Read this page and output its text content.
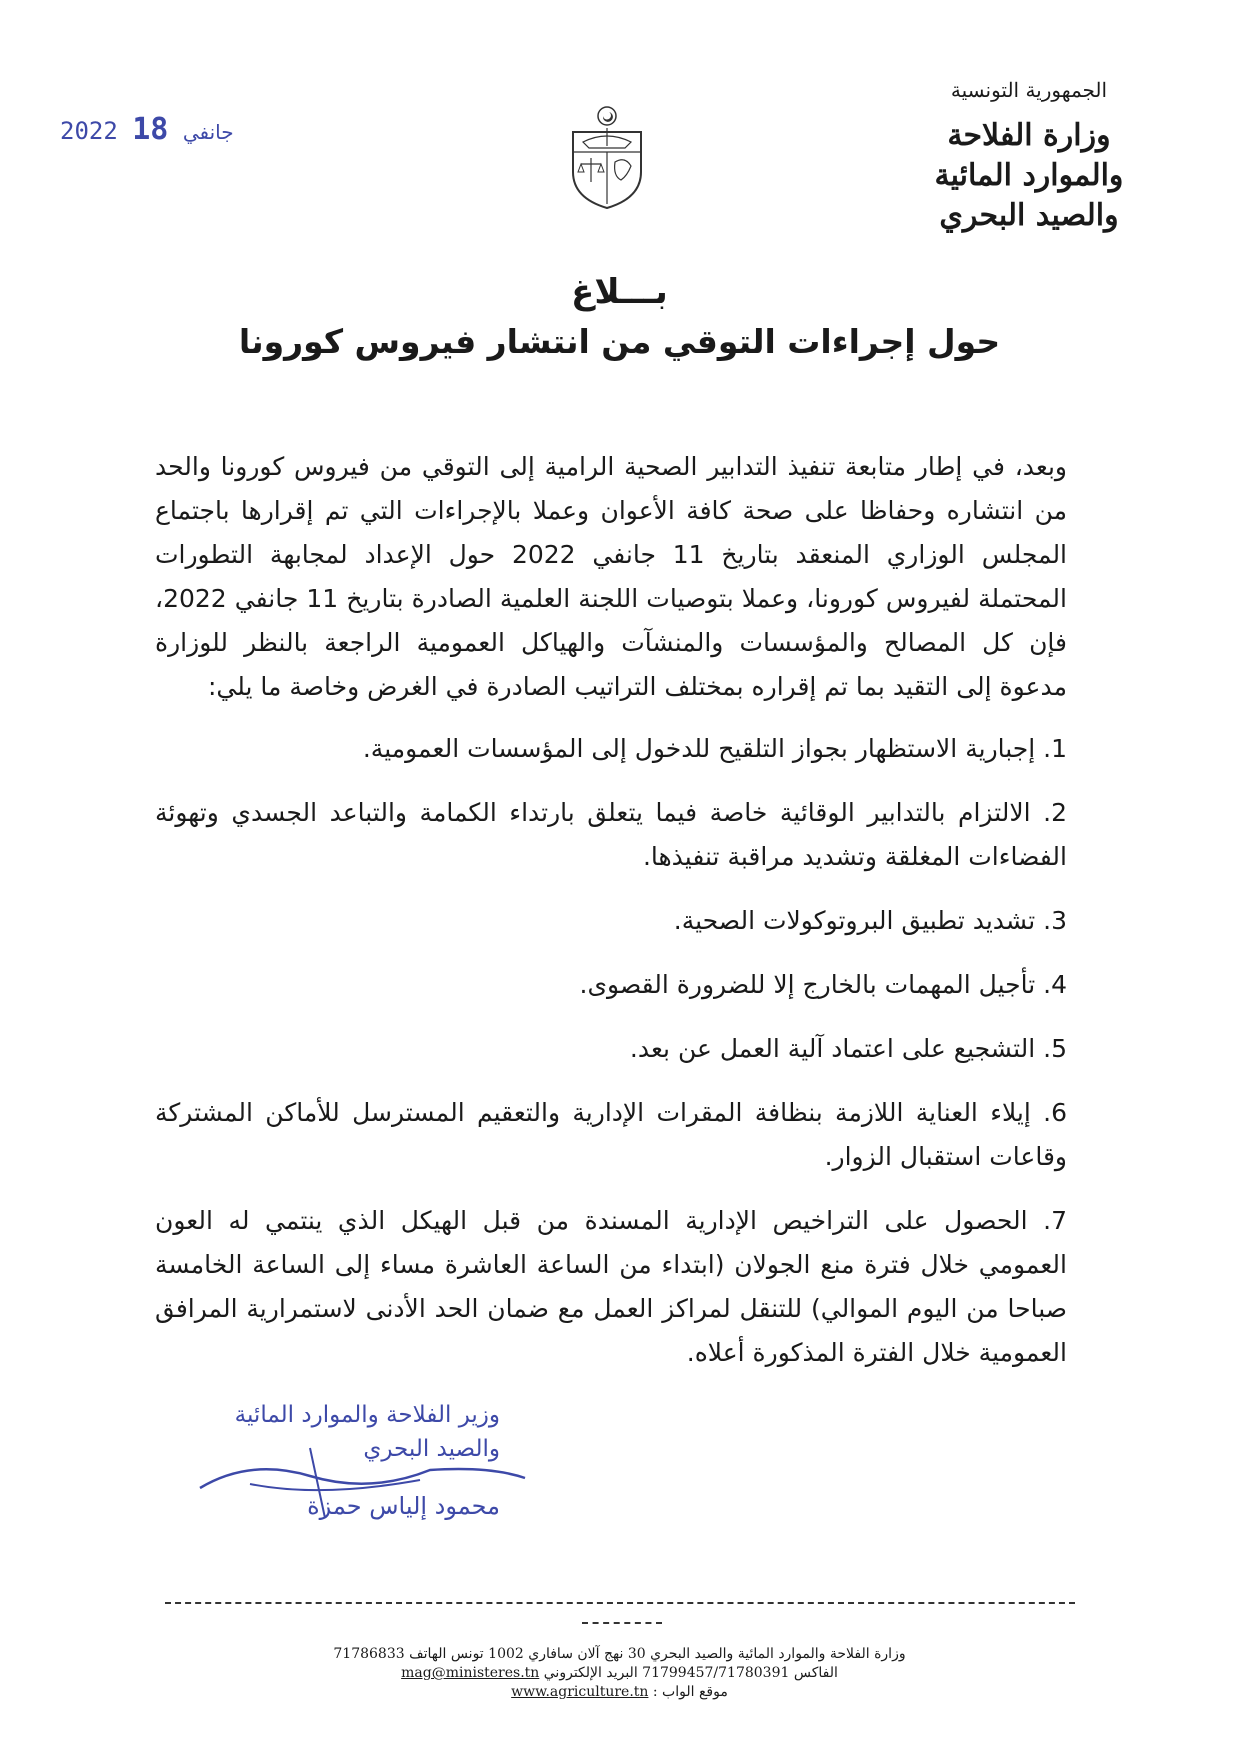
الجمهورية التونسية
وزارة الفلاحة
والموارد المائية والصيد البحري
2022	جانفي 18
بـــلاغ
حول إجراءات التوقي من انتشار فيروس كورونا

وبعد، في إطار متابعة تنفيذ التدابير الصحية الرامية إلى التوقي من فيروس كورونا والحد من انتشاره وحفاظا على صحة كافة الأعوان وعملا بالإجراءات التي تم إقرارها باجتماع المجلس الوزاري المنعقد بتاريخ 11 جانفي 2022 حول الإعداد لمجابهة التطورات المحتملة لفيروس كورونا، وعملا بتوصيات اللجنة العلمية الصادرة بتاريخ 11 جانفي 2022، فإن كل المصالح والمؤسسات والمنشآت والهياكل العمومية الراجعة بالنظر للوزارة مدعوة إلى التقيد بما تم إقراره بمختلف التراتيب الصادرة في الغرض وخاصة ما يلي:

1. إجبارية الاستظهار بجواز التلقيح للدخول إلى المؤسسات العمومية.

2. الالتزام بالتدابير الوقائية خاصة فيما يتعلق بارتداء الكمامة والتباعد الجسدي وتهوئة الفضاءات المغلقة وتشديد مراقبة تنفيذها.

3. تشديد تطبيق البروتوكولات الصحية.

4. تأجيل المهمات بالخارج إلا للضرورة القصوى.

5. التشجيع على اعتماد آلية العمل عن بعد.

6. إيلاء العناية اللازمة بنظافة المقرات الإدارية والتعقيم المسترسل للأماكن المشتركة وقاعات استقبال الزوار.

7. الحصول على التراخيص الإدارية المسندة من قبل الهيكل الذي ينتمي له العون العمومي خلال فترة منع الجولان (ابتداء من الساعة العاشرة مساء إلى الساعة الخامسة صباحا من اليوم الموالي) للتنقل لمراكز العمل مع ضمان الحد الأدنى لاستمرارية المرافق العمومية خلال الفترة المذكورة أعلاه.

وزير الفلاحة والموارد المائية
والصيد البحري
محمود إلياس حمزة
وزارة الفلاحة والموارد المائية والصيد البحري 30 نهج آلان سافاري 1002 تونس الهاتف 71786833
الفاكس 71799457/71780391 البريد الإلكتروني mag@ministeres.tn
موقع الواب : www.agriculture.tn
